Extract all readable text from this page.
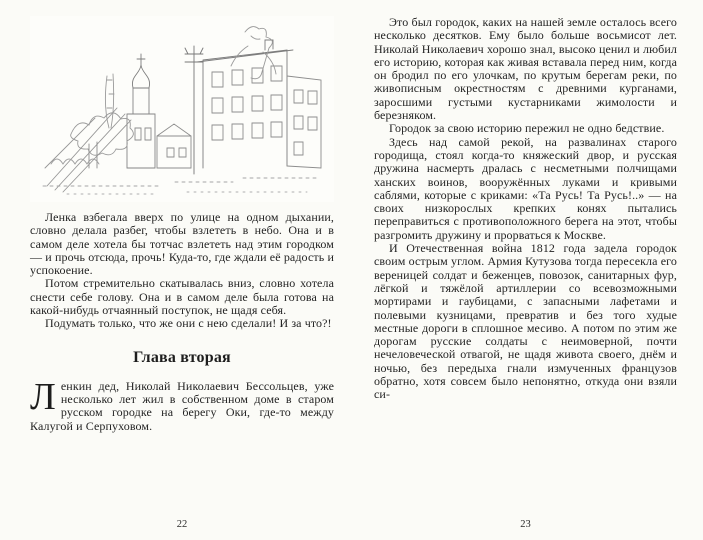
Ленка взбегала вверх по улице на одном дыхании, словно делала разбег, чтобы взлететь в небо. Она и в самом деле хотела бы тотчас взлететь над этим городком — и прочь отсюда, прочь! Куда-то, где ждали её радость и успокоение.

Потом стремительно скатывалась вниз, словно хотела снести себе голову. Она и в самом деле была готова на какой-нибудь отчаянный поступок, не щадя себя.

Подумать только, что же они с нею сделали! И за что?!

Глава вторая

Ленкин дед, Николай Николаевич Бессольцев, уже несколько лет жил в собственном доме в старом русском городке на берегу Оки, где-то между Калугой и Серпуховом.

22

Это был городок, каких на нашей земле осталось всего несколько десятков. Ему было больше восьмисот лет. Николай Николаевич хорошо знал, высоко ценил и любил его историю, которая как живая вставала перед ним, когда он бродил по его улочкам, по крутым берегам реки, по живописным окрестностям с древними курганами, заросшими густыми кустарниками жимолости и березняком.

Городок за свою историю пережил не одно бедствие.

Здесь над самой рекой, на развалинах старого городища, стоял когда-то княжеский двор, и русская дружина насмерть дралась с несметными полчищами ханских воинов, вооружённых луками и кривыми саблями, которые с криками: «Та Русь! Та Русь!..» — на своих низкорослых крепких конях пытались переправиться с противоположного берега на этот, чтобы разгромить дружину и прорваться к Москве.

И Отечественная война 1812 года задела городок своим острым углом. Армия Кутузова тогда пересекла его вереницей солдат и беженцев, повозок, санитарных фур, лёгкой и тяжёлой артиллерии со всевозможными мортирами и гаубицами, с запасными лафетами и полевыми кузницами, превратив и без того худые местные дороги в сплошное месиво. А потом по этим же дорогам русские солдаты с неимоверной, почти нечеловеческой отвагой, не щадя живота своего, днём и ночью, без передыха гнали измученных французов обратно, хотя совсем было непонятно, откуда они взяли си-

23
